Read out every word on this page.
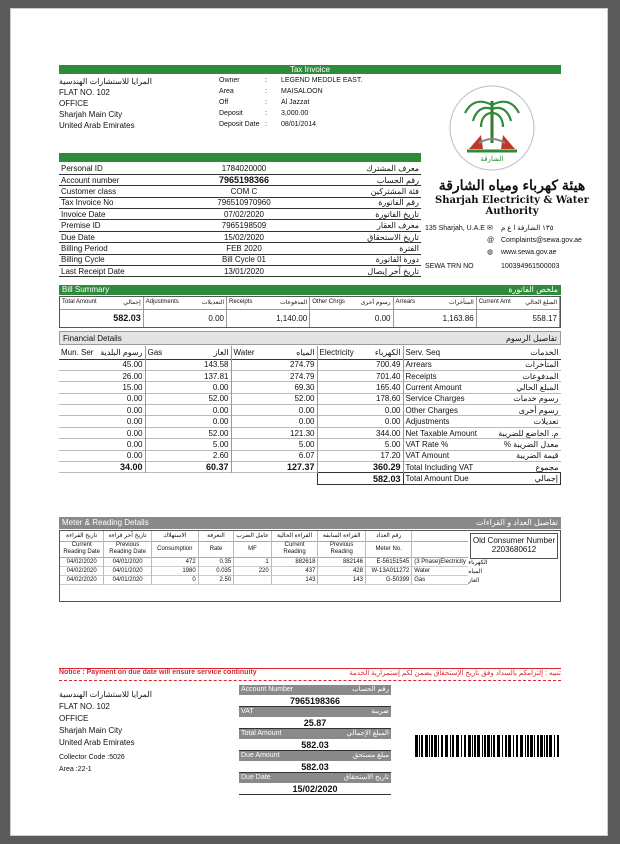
Tax Invoice
المرايا للاستشارات الهندسية
FLAT NO. 102
OFFICE
Sharjah Main City
United Arab Emirates
Owner	: LEGEND MEDDLE EAST.
Area	: MAISALOON
Off	: Al Jazzat
Deposit	: 3,000.00
Deposit Date : 08/01/2014
Personal ID	1784020000	معرف المشترك
Account number	7965198366	رقم الحساب
Customer class	COM C	فئة المشتركين
Tax Invoice No	796510970960	رقم الفاتورة
Invoice Date	07/02/2020	تاريخ الفاتورة
Premise ID	7965198509	معرف العقار
Due Date	15/02/2020	تاريخ الاستحقاق
Billing Period	FEB 2020	الفترة
Billing Cycle	Bill Cycle 01	دورة الفاتورة
Last Receipt Date	13/01/2020	تاريخ آخر إيصال
الشارقة
هيئة كهرباء ومياه الشارقة
Sharjah Electricity & Water Authority
135 Sharjah, U.A.E ✉ ١٣٥ الشارقة ا ع م
@ Complaints@sewa.gov.ae
◍ www.sewa.gov.ae
SEWA TRN NO	100394961500003
Bill Summary	ملخص الفاتورة
Total Amount إجمالي	Adjustments التعديلات	Receipts المدفوعات	Other Chrgs رسوم أخرى	Arrears المتأخرات	Current Amt المبلغ الحالي

582.03	0.00	1,140.00	0.00	1,163.86	558.17
Financial Details	تفاصيل الرسوم
Mun. Ser رسوم البلدية	Gas الغاز	Water المياه	Electricity الكهرباء	Serv. Seq الخدمات

45.00	143.58	274.79	700.49	Arrears المتأخرات

26.00	137.81	274.79	701.40	Receipts المدفوعات

15.00	0.00	69.30	165.40	Current Amount المبلغ الحالي

0.00	52.00	52.00	178.60	Service Charges رسوم خدمات

0.00	0.00	0.00	0.00	Other Charges رسوم أخرى

0.00	0.00	0.00	0.00	Adjustments تعديلات

0.00	52.00	121.30	344.00	Net Taxable Amount م. الخاضع للضريبة

0.00	5.00	5.00	5.00	VAT Rate % معدل الضريبة %

0.00	2.60	6.07	17.20	VAT Amount قيمة الضريبة

34.00	60.37	127.37	360.29	Total Including VAT مجموع

			582.03	Total Amount Due إجمالي
Meter & Reading Details	تفاصيل العداد و القراءات
تاريخ القراءة	تاريخ آخر قراءة	الاستهلاك	التعرفة	عامل الضرب	القراءة الحالية	القراءة السابقة	رقم العداد	
Current Reading Date	Previous Reading Date	Consumption	Rate	MF	Current Reading	Previous Reading	Meter No.	
04/02/2020	04/01/2020	472	0.35	1	882618	882146	E-56151545	(3 Phase)Electricity الكهرباء

04/02/2020	04/01/2020	1980	0.035	220	437	428	W-13A011272	Water المياه

04/02/2020	04/01/2020	0	2.50		143	143	G-50399	Gas الغاز
Old Consumer Number
2203680612
Notice : Payment on due date will ensure service continuity	تنبيه : إلتزامكم بالسداد وفق تاريخ الإستحقاق يضمن لكم إستمرارية الخدمة
المرايا للاستشارات الهندسية
FLAT NO. 102
OFFICE
Sharjah Main City
United Arab Emirates
Collector Code :5026
Area :22-1
Account Number	رقم الحساب
7965198366
VAT	ضريبة
25.87
Total Amount	المبلغ الإجمالي
582.03
Due Amount	مبلغ مستحق
582.03
Due Date	تاريخ الاستحقاق
15/02/2020
